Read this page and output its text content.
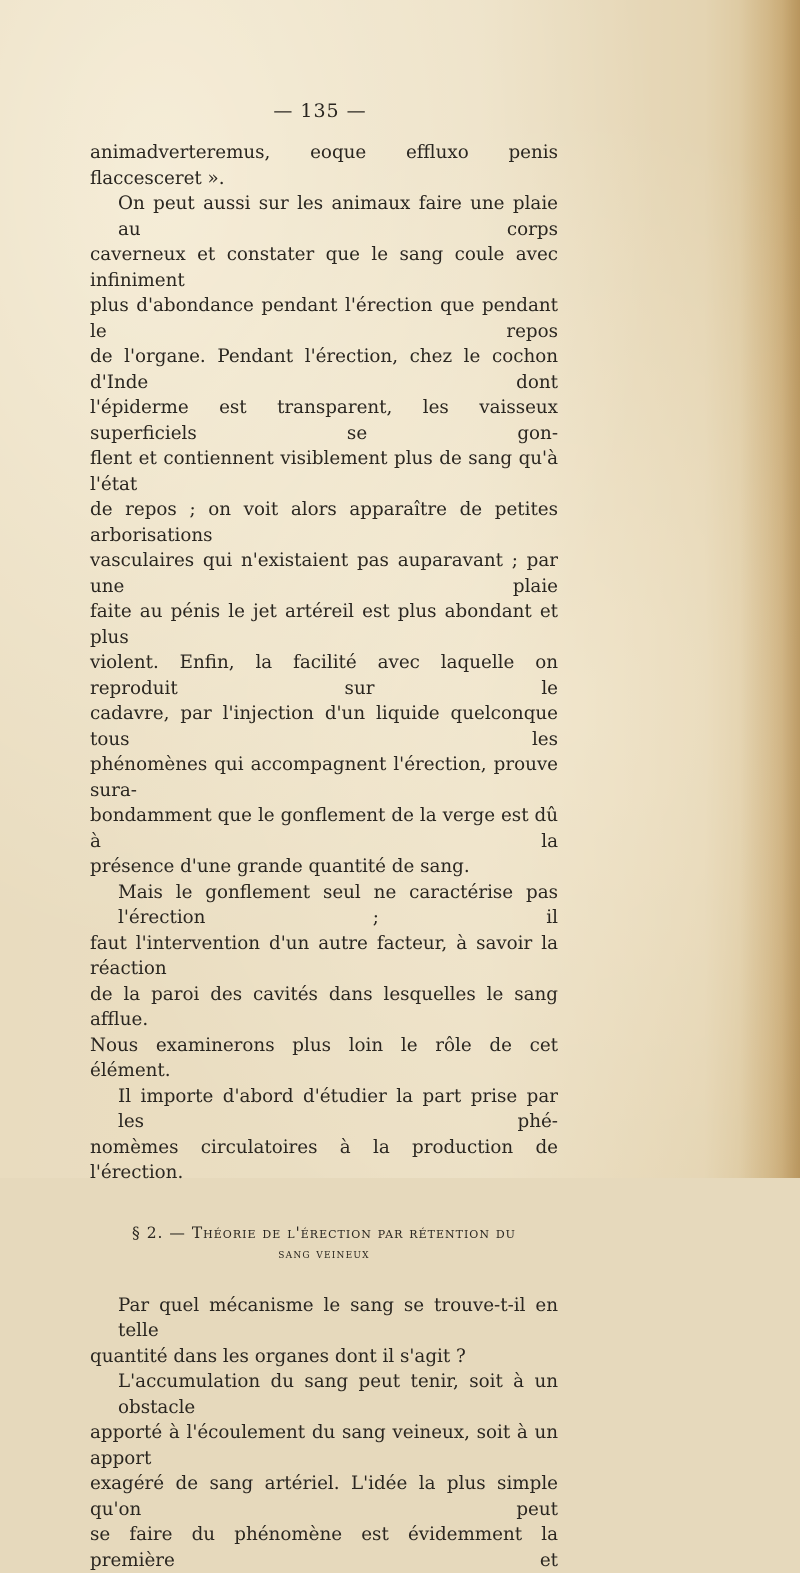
— 135 —

animadverteremus, eoque effluxo penis flaccesceret ».

On peut aussi sur les animaux faire une plaie au corps
caverneux et constater que le sang coule avec infiniment
plus d'abondance pendant l'érection que pendant le repos
de l'organe. Pendant l'érection, chez le cochon d'Inde dont
l'épiderme est transparent, les vaisseux superficiels se gon-
flent et contiennent visiblement plus de sang qu'à l'état
de repos ; on voit alors apparaître de petites arborisations
vasculaires qui n'existaient pas auparavant ; par une plaie
faite au pénis le jet artéreil est plus abondant et plus
violent. Enfin, la facilité avec laquelle on reproduit sur le
cadavre, par l'injection d'un liquide quelconque tous les
phénomènes qui accompagnent l'érection, prouve sura-
bondamment que le gonflement de la verge est dû à la
présence d'une grande quantité de sang.

Mais le gonflement seul ne caractérise pas l'érection ; il
faut l'intervention d'un autre facteur, à savoir la réaction
de la paroi des cavités dans lesquelles le sang afflue.
Nous examinerons plus loin le rôle de cet élément.

Il importe d'abord d'étudier la part prise par les phé-
nomèmes circulatoires à la production de l'érection.

§ 2. — Théorie de l'érection par rétention du
sang veineux

Par quel mécanisme le sang se trouve-t-il en telle
quantité dans les organes dont il s'agit ?

L'accumulation du sang peut tenir, soit à un obstacle
apporté à l'écoulement du sang veineux, soit à un apport
exagéré de sang artériel. L'idée la plus simple qu'on peut
se faire du phénomène est évidemment la première et
